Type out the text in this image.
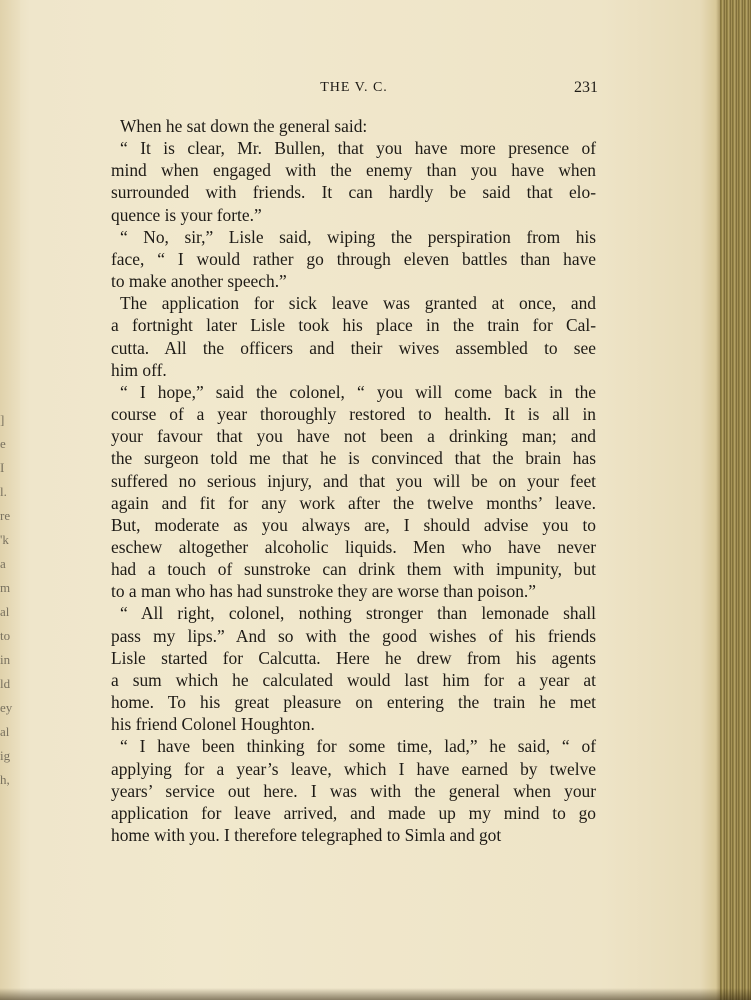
]
e
I
l.
re
'k
a
m
al
to
in
ld
ey
al
ig
h,
THE V. C.	231
When he sat down the general said:
“ It is clear, Mr. Bullen, that you have more presence of
mind when engaged with the enemy than you have when
surrounded with friends. It can hardly be said that elo-
quence is your forte.”
“ No, sir,” Lisle said, wiping the perspiration from his
face, “ I would rather go through eleven battles than have
to make another speech.”
The application for sick leave was granted at once, and
a fortnight later Lisle took his place in the train for Cal-
cutta. All the officers and their wives assembled to see
him off.
“ I hope,” said the colonel, “ you will come back in the
course of a year thoroughly restored to health. It is all in
your favour that you have not been a drinking man; and
the surgeon told me that he is convinced that the brain has
suffered no serious injury, and that you will be on your feet
again and fit for any work after the twelve months’ leave.
But, moderate as you always are, I should advise you to
eschew altogether alcoholic liquids. Men who have never
had a touch of sunstroke can drink them with impunity, but
to a man who has had sunstroke they are worse than poison.”
“ All right, colonel, nothing stronger than lemonade shall
pass my lips.” And so with the good wishes of his friends
Lisle started for Calcutta. Here he drew from his agents
a sum which he calculated would last him for a year at
home. To his great pleasure on entering the train he met
his friend Colonel Houghton.
“ I have been thinking for some time, lad,” he said, “ of
applying for a year’s leave, which I have earned by twelve
years’ service out here. I was with the general when your
application for leave arrived, and made up my mind to go
home with you. I therefore telegraphed to Simla and got
